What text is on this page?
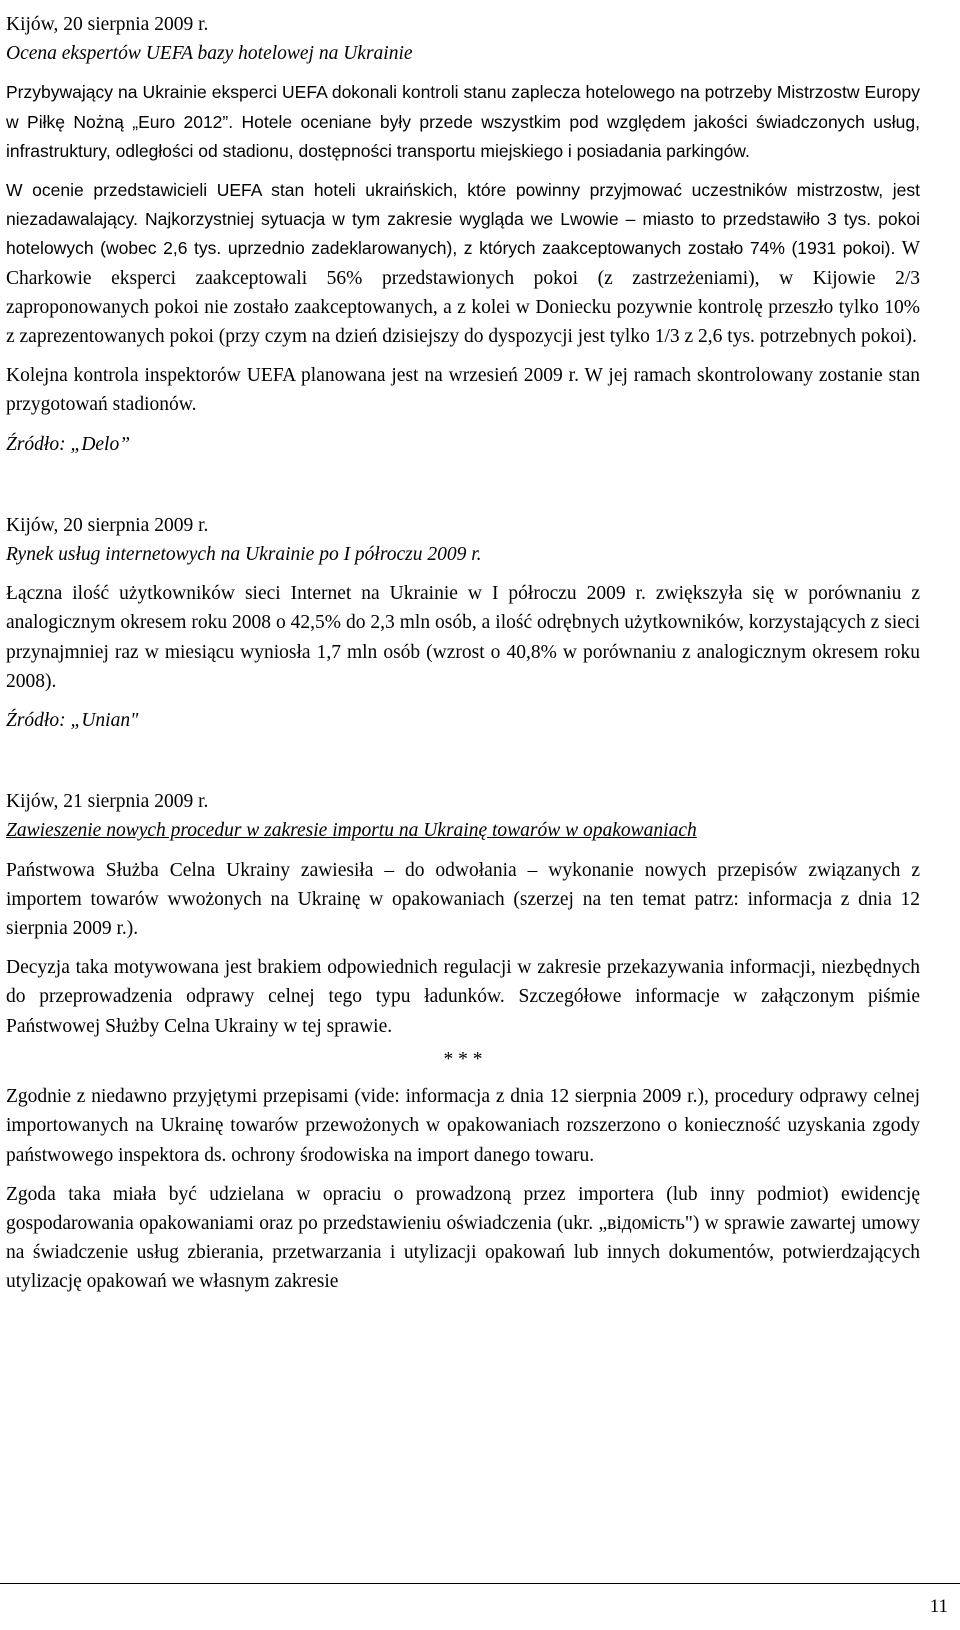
Kijów, 20 sierpnia 2009 r.

Ocena ekspertów UEFA bazy hotelowej na Ukrainie

Przybywający na Ukrainie eksperci UEFA dokonali kontroli stanu zaplecza hotelowego na potrzeby Mistrzostw Europy w Piłkę Nożną „Euro 2012”. Hotele oceniane były przede wszystkim pod względem jakości świadczonych usług, infrastruktury, odległości od stadionu, dostępności transportu miejskiego i posiadania parkingów.

W ocenie przedstawicieli UEFA stan hoteli ukraińskich, które powinny przyjmować uczestników mistrzostw, jest niezadawalający. Najkorzystniej sytuacja w tym zakresie wygląda we Lwowie – miasto to przedstawiło 3 tys. pokoi hotelowych (wobec 2,6 tys. uprzednio zadeklarowanych), z których zaakceptowanych zostało 74% (1931 pokoi). W Charkowie eksperci zaakceptowali 56% przedstawionych pokoi (z zastrzeżeniami), w Kijowie 2/3 zaproponowanych pokoi nie zostało zaakceptowanych, a z kolei w Doniecku pozywnie kontrolę przeszło tylko 10% z zaprezentowanych pokoi (przy czym na dzień dzisiejszy do dyspozycji jest tylko 1/3 z 2,6 tys. potrzebnych pokoi).

Kolejna kontrola inspektorów UEFA planowana jest na wrzesień 2009 r. W jej ramach skontrolowany zostanie stan przygotowań stadionów.

Źródło: „Delo”

Kijów, 20 sierpnia 2009 r.

Rynek usług internetowych na Ukrainie po I półroczu 2009 r.

Łączna ilość użytkowników sieci Internet na Ukrainie w I półroczu 2009 r. zwiększyła się w porównaniu z analogicznym okresem roku 2008 o 42,5% do 2,3 mln osób, a ilość odrębnych użytkowników, korzystających z sieci przynajmniej raz w miesiącu wyniosła 1,7 mln osób (wzrost o 40,8% w porównaniu z analogicznym okresem roku 2008).

Źródło: „Unian"

Kijów, 21 sierpnia 2009 r.

Zawieszenie nowych procedur w zakresie importu na Ukrainę towarów w opakowaniach

Państwowa Służba Celna Ukrainy zawiesiła – do odwołania – wykonanie nowych przepisów związanych z importem towarów wwożonych na Ukrainę w opakowaniach (szerzej na ten temat patrz: informacja z dnia 12 sierpnia 2009 r.).

Decyzja taka motywowana jest brakiem odpowiednich regulacji w zakresie przekazywania informacji, niezbędnych do przeprowadzenia odprawy celnej tego typu ładunków. Szczegółowe informacje w załączonym piśmie Państwowej Służby Celna Ukrainy w tej sprawie.

* * *

Zgodnie z niedawno przyjętymi przepisami (vide: informacja z dnia 12 sierpnia 2009 r.), procedury odprawy celnej importowanych na Ukrainę towarów przewożonych w opakowaniach rozszerzono o konieczność uzyskania zgody państwowego inspektora ds. ochrony środowiska na import danego towaru.

Zgoda taka miała być udzielana w opraciu o prowadzoną przez importera (lub inny podmiot) ewidencję gospodarowania opakowaniami oraz po przedstawieniu oświadczenia (ukr. „відомість") w sprawie zawartej umowy na świadczenie usług zbierania, przetwarzania i utylizacji opakowań lub innych dokumentów, potwierdzających utylizację opakowań we własnym zakresie

11
